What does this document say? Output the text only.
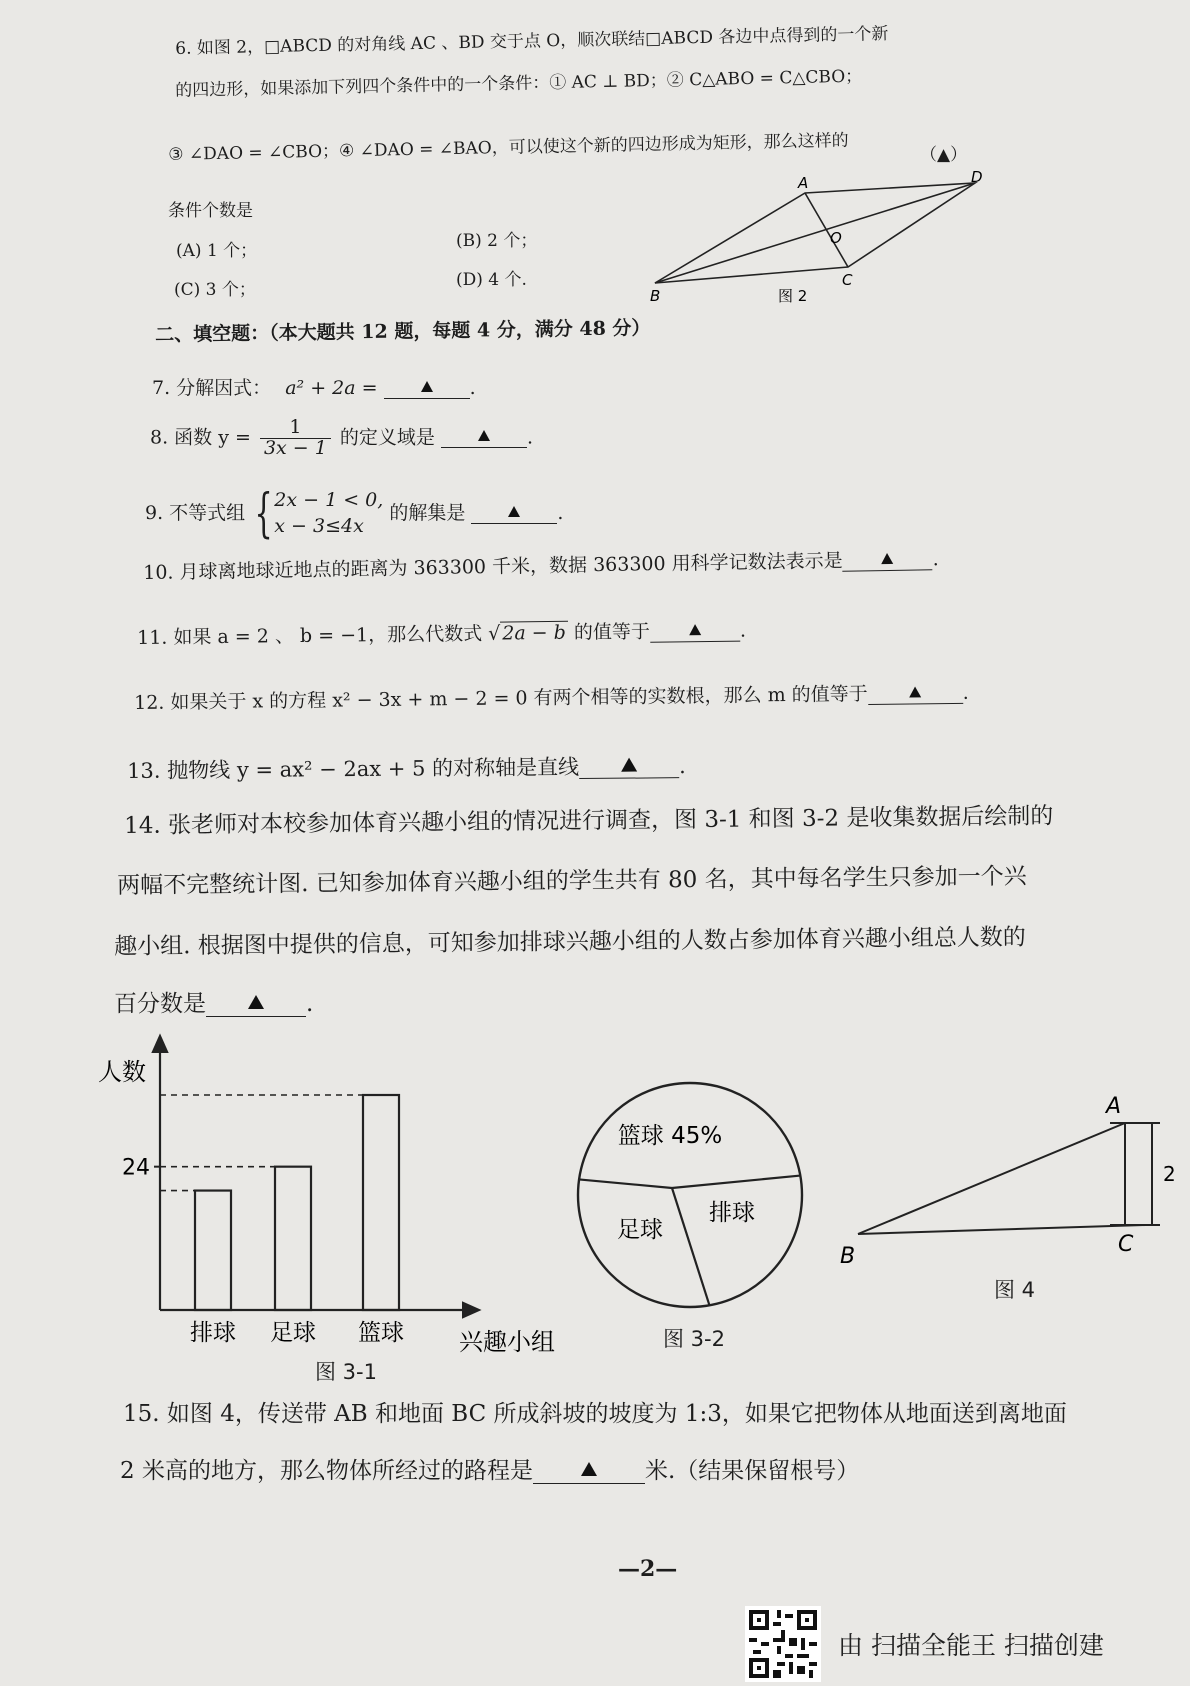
6. 如图 2，□ABCD 的对角线 AC 、BD 交于点 O，顺次联结□ABCD 各边中点得到的一个新
的四边形，如果添加下列四个条件中的一个条件：① AC ⊥ BD；② C△ABO = C△CBO；
③ ∠DAO = ∠CBO；④ ∠DAO = ∠BAO，可以使这个新的四边形成为矩形，那么这样的	（▲）
条件个数是
(A) 1 个；	(B) 2 个；
(C) 3 个；	(D) 4 个.
A	D
O
B
C
图 2
二、填空题：（本大题共 12 题，每题 4 分，满分 48 分）
7. 分解因式： a² + 2a =	.
8. 函数 $y = \frac{1}{3x - 1}$ 的定义域是	.
9. 不等式组 { 2x − 1 < 0,
x − 3≤4x
的解集是	.
10. 月球离地球近地点的距离为 363300 千米，数据 363300 用科学记数法表示是	.
11. 如果 a = 2 、 b = −1，那么代数式 √2a − b 的值等于	.
12. 如果关于 x 的方程 x² − 3x + m − 2 = 0 有两个相等的实数根，那么 m 的值等于	.
13. 抛物线 y = ax² − 2ax + 5 的对称轴是直线	.
14. 张老师对本校参加体育兴趣小组的情况进行调查，图 3-1 和图 3-2 是收集数据后绘制的
两幅不完整统计图. 已知参加体育兴趣小组的学生共有 80 名，其中每名学生只参加一个兴
趣小组. 根据图中提供的信息，可知参加排球兴趣小组的人数占参加体育兴趣小组总人数的
百分数是	.
排球 足球 篮球
人数
24
兴趣小组
图 3-1
篮球 45%
排球
足球
图 3-2
A
B	C
2
图 4
15. 如图 4，传送带 AB 和地面 BC 所成斜坡的坡度为 1:3，如果它把物体从地面送到离地面
2 米高的地方，那么物体所经过的路程是	米.（结果保留根号）
—2—
由 扫描全能王 扫描创建
